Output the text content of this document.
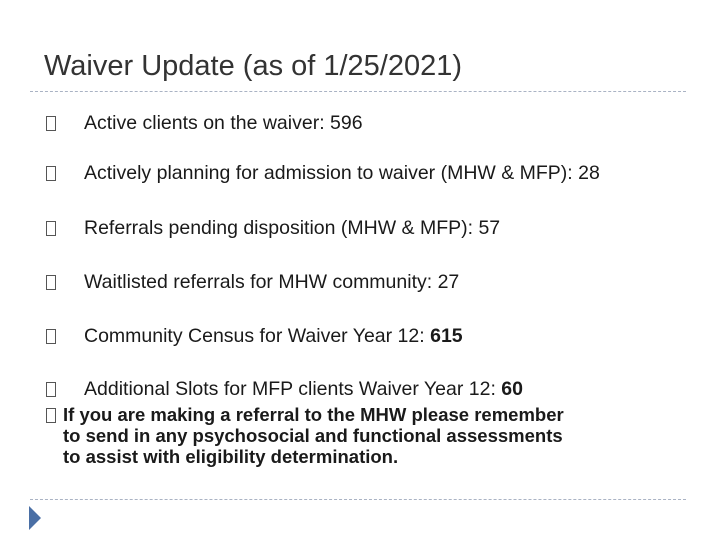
Waiver Update (as of 1/25/2021)
Active clients on the waiver: 596
Actively planning for admission to waiver (MHW & MFP): 28
Referrals pending disposition (MHW & MFP): 57
Waitlisted referrals for MHW community: 27
Community Census for Waiver Year 12: 615
Additional Slots for MFP clients Waiver Year 12: 60
If you are making a referral to the MHW please remember
to send in any psychosocial and functional assessments
to assist with eligibility determination.
